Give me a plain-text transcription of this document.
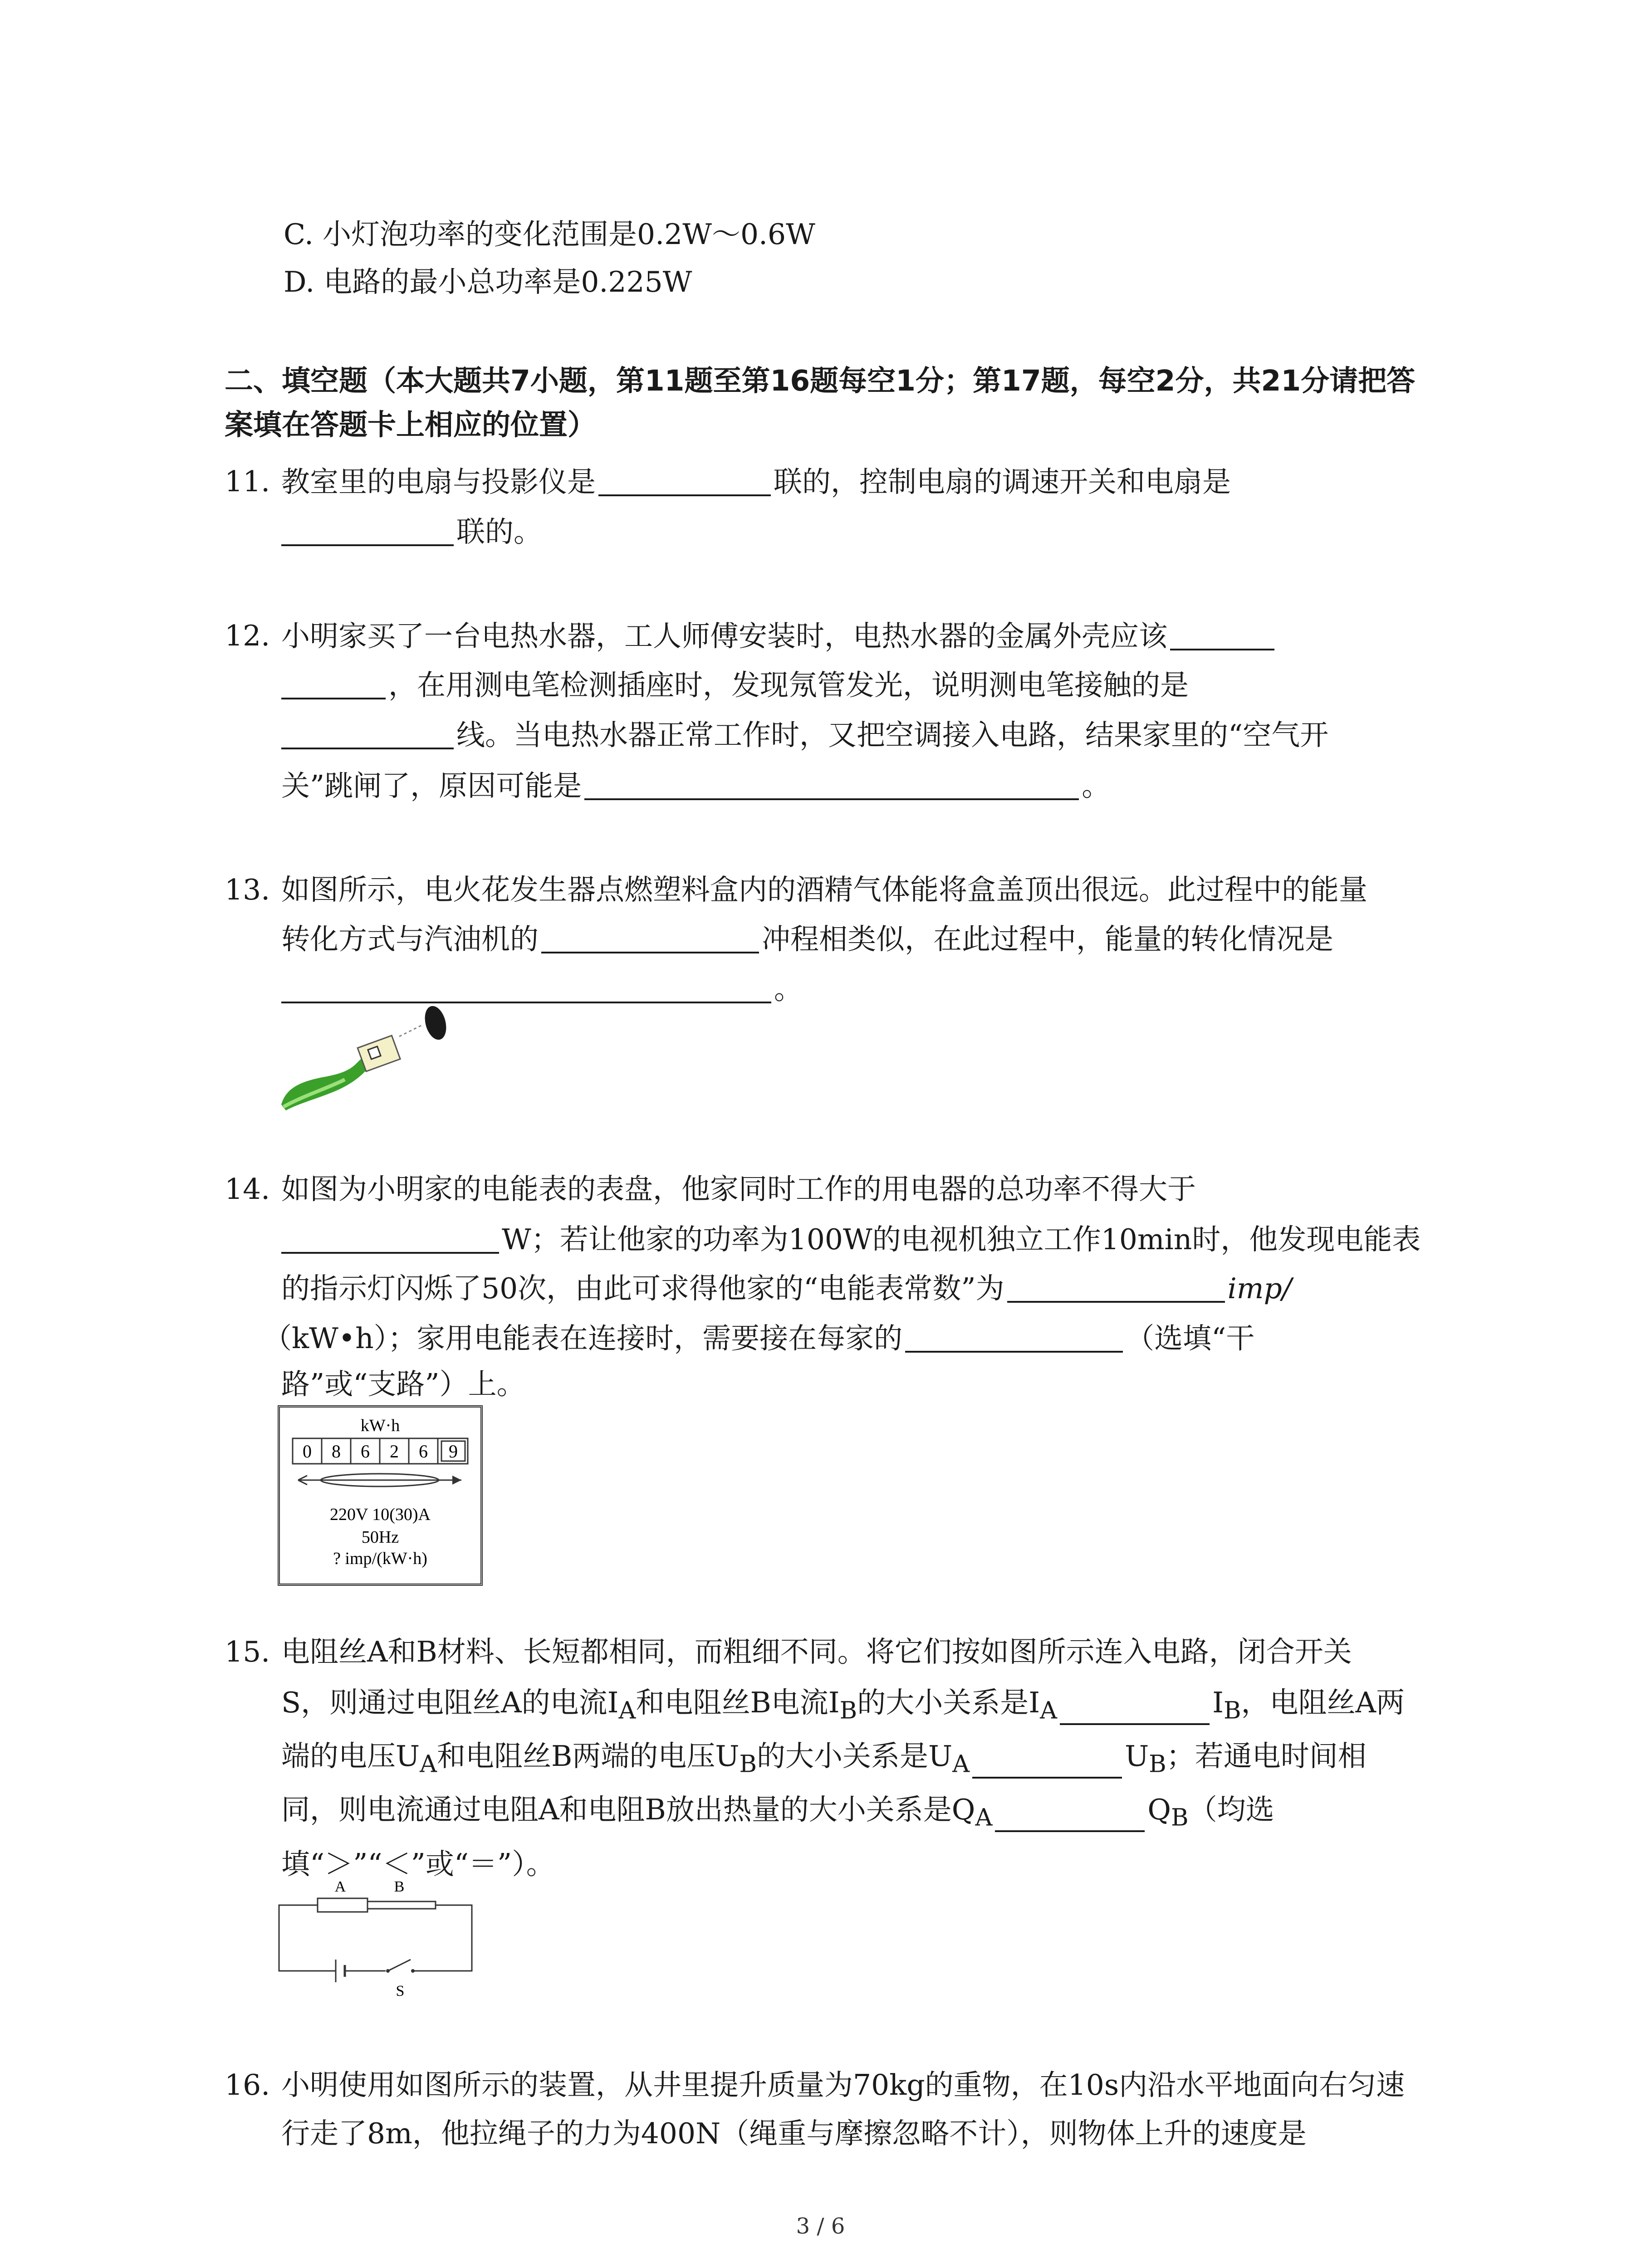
C. 小灯泡功率的变化范围是0.2W～0.6W
D. 电路的最小总功率是0.225W
二、填空题（本大题共7小题，第11题至第16题每空1分；第17题，每空2分，共21分请把答
案填在答题卡上相应的位置）
11. 教室里的电扇与投影仪是	联的，控制电扇的调速开关和电扇是
联的。
12. 小明家买了一台电热水器，工人师傅安装时，电热水器的金属外壳应该
，在用测电笔检测插座时，发现氖管发光，说明测电笔接触的是
线。当电热水器正常工作时，又把空调接入电路，结果家里的“空气开
关”跳闸了，原因可能是	。
13. 如图所示，电火花发生器点燃塑料盒内的酒精气体能将盒盖顶出很远。此过程中的能量
转化方式与汽油机的	冲程相类似，在此过程中，能量的转化情况是
。
14. 如图为小明家的电能表的表盘，他家同时工作的用电器的总功率不得大于
W；若让他家的功率为100W的电视机独立工作10min时，他发现电能表
的指示灯闪烁了50次，由此可求得他家的“电能表常数”为	imp/
（kW•h）；家用电能表在连接时，需要接在每家的	（选填“干
路”或“支路”）上。
kW·h
0 8 6 2 6 9
220V 10(30)A
50Hz
? imp/(kW·h)
15. 电阻丝A和B材料、长短都相同，而粗细不同。将它们按如图所示连入电路，闭合开关
S，则通过电阻丝A的电流$I_A$和电阻丝B电流$I_B$的大小关系是$I_A$	$I_B$，电阻丝A两
端的电压$U_A$和电阻丝B两端的电压$U_B$的大小关系是$U_A$	$U_B$；若通电时间相
同，则电流通过电阻A和电阻B放出热量的大小关系是$Q_A$	$Q_B$（均选
填“＞”“＜”或“＝”）。
A	B
S
16. 小明使用如图所示的装置，从井里提升质量为70kg的重物，在10s内沿水平地面向右匀速
行走了8m，他拉绳子的力为400N（绳重与摩擦忽略不计），则物体上升的速度是
3 / 6
